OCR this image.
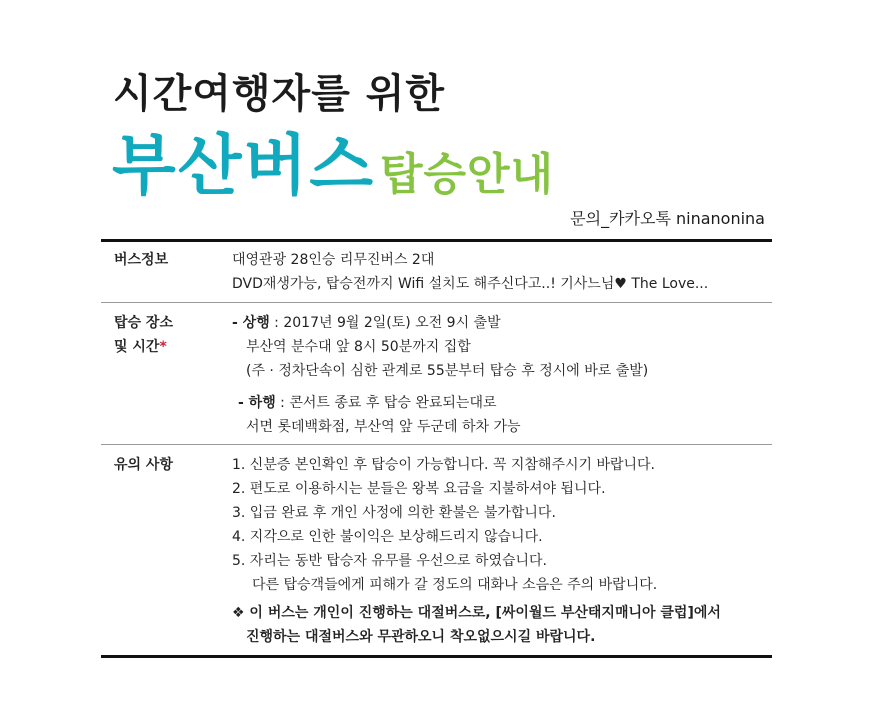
시간여행자를 위한
부산버스 탑승안내
문의_카카오톡 ninanonina
버스정보	대영관광 28인승 리무진버스 2대
DVD재생가능, 탑승전까지 Wifi 설치도 해주신다고..! 기사느님♥ The Love...
탑승 장소
및 시간*
- 상행 : 2017년 9월 2일(토) 오전 9시 출발
부산역 분수대 앞 8시 50분까지 집합
(주 · 정차단속이 심한 관계로 55분부터 탑승 후 정시에 바로 출발)
- 하행 : 콘서트 종료 후 탑승 완료되는대로
서면 롯데백화점, 부산역 앞 두군데 하차 가능
유의 사항	1. 신분증 본인확인 후 탑승이 가능합니다. 꼭 지참해주시기 바랍니다.
2. 편도로 이용하시는 분들은 왕복 요금을 지불하셔야 됩니다.
3. 입금 완료 후 개인 사정에 의한 환불은 불가합니다.
4. 지각으로 인한 불이익은 보상해드리지 않습니다.
5. 자리는 동반 탑승자 유무를 우선으로 하였습니다.
다른 탑승객들에게 피해가 갈 정도의 대화나 소음은 주의 바랍니다.
❖ 이 버스는 개인이 진행하는 대절버스로, [싸이월드 부산태지매니아 클럽]에서
진행하는 대절버스와 무관하오니 착오없으시길 바랍니다.
